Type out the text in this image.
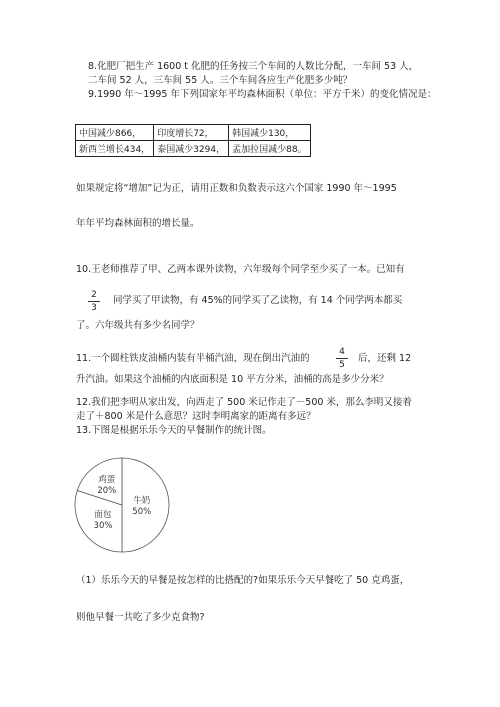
8.化肥厂把生产 1600 t 化肥的任务按三个车间的人数比分配，一车间 53 人，
二车间 52 人，三车间 55 人。三个车间各应生产化肥多少吨？
9.1990 年～1995 年下列国家年平均森林面积（单位：平方千米）的变化情况是：
中国减少866，	印度增长72，	韩国减少130，
新西兰增长434，	泰国减少3294，	孟加拉国减少88。
如果规定将“增加”记为正，请用正数和负数表示这六个国家 1990 年～1995
年年平均森林面积的增长量。
10.王老师推荐了甲、乙两本课外读物，六年级每个同学至少买了一本。已知有
2
3
同学买了甲读物，有 45%的同学买了乙读物，有 14 个同学两本都买
了。六年级共有多少名同学？
11.一个圆柱铁皮油桶内装有半桶汽油，现在倒出汽油的
4
5
后，还剩 12
升汽油。如果这个油桶的内底面积是 10 平方分米，油桶的高是多少分米？
12.我们把李明从家出发，向西走了 500 米记作走了－500 米，那么李明又接着
走了＋800 米是什么意思？这时李明离家的距离有多远？
13.下图是根据乐乐今天的早餐制作的统计图。
牛奶
50%
面包
30%
鸡蛋
20%
（1）乐乐今天的早餐是按怎样的比搭配的?如果乐乐今天早餐吃了 50 克鸡蛋，
则他早餐一共吃了多少克食物?
